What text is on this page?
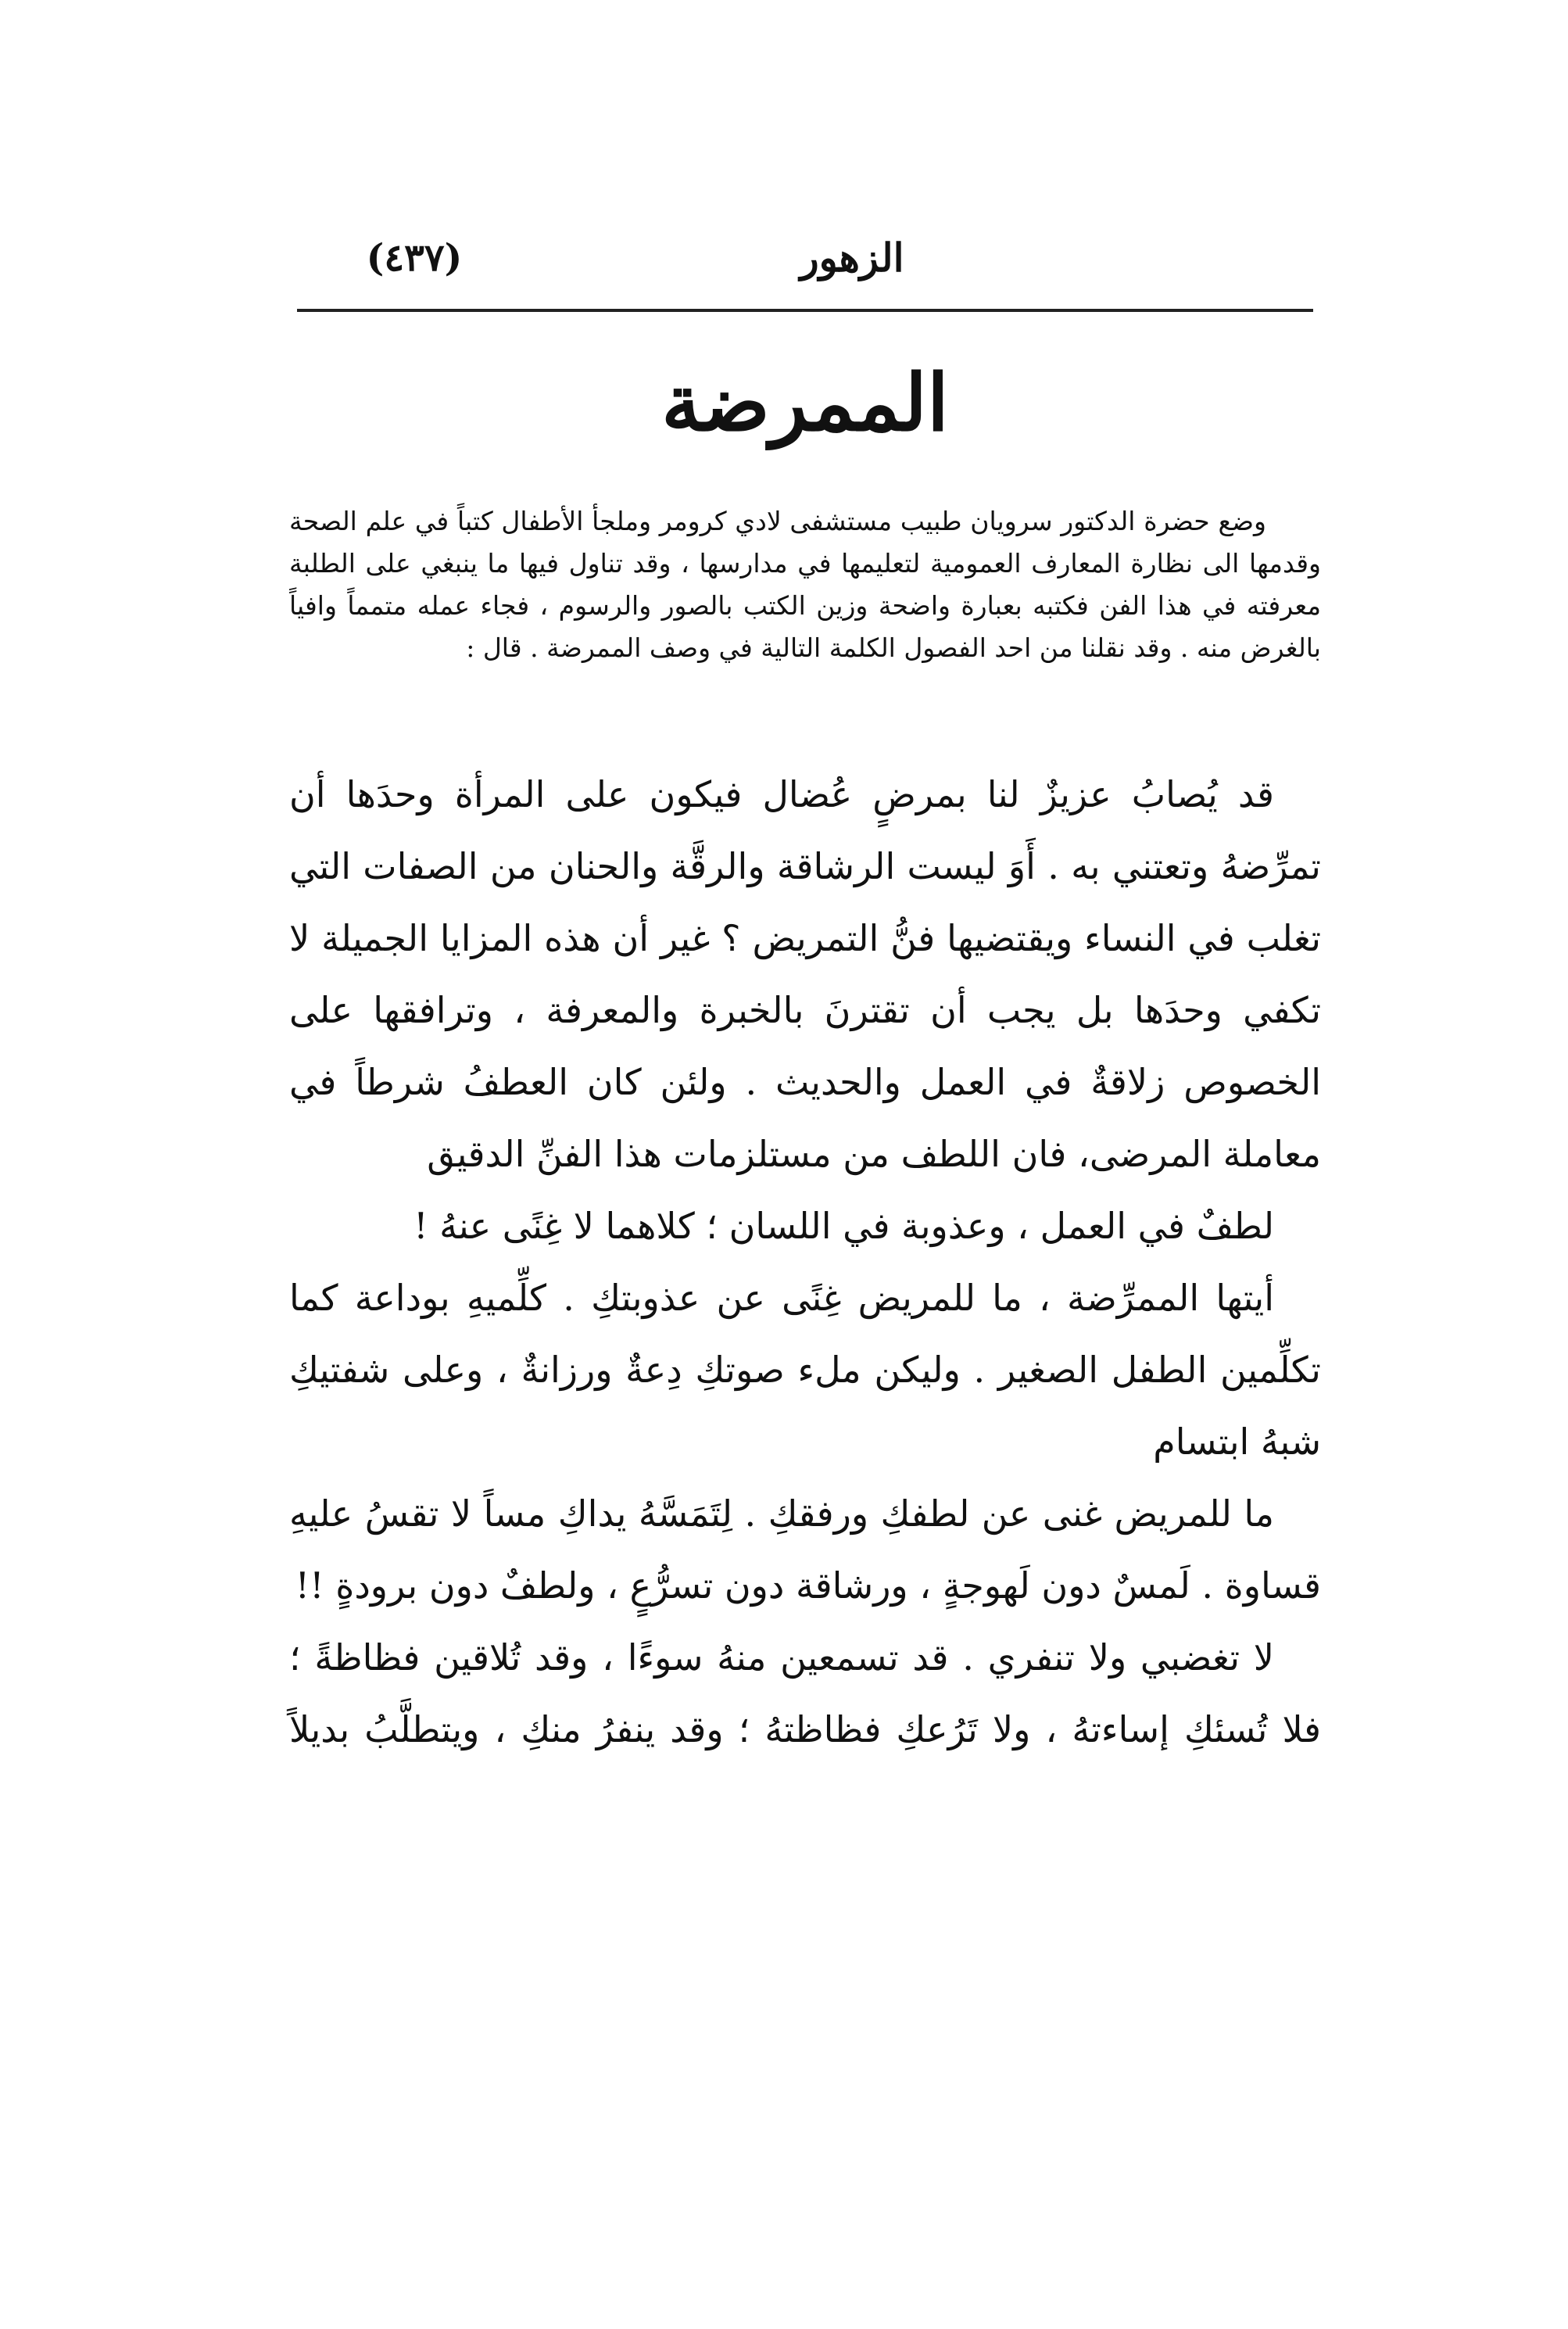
الزهور
(٤٣٧)
الممرضة

وضع حضرة الدكتور سرويان طبيب مستشفى لادي كرومر وملجأ الأطفال كتباً في علم الصحة وقدمها الى نظارة المعارف العمومية لتعليمها في مدارسها ، وقد تناول فيها ما ينبغي على الطلبة معرفته في هذا الفن فكتبه بعبارة واضحة وزين الكتب بالصور والرسوم ، فجاء عمله متمماً وافياً بالغرض منه . وقد نقلنا من احد الفصول الكلمة التالية في وصف الممرضة . قال :

قد يُصابُ عزيزٌ لنا بمرضٍ عُضال فيكون على المرأة وحدَها أن تمرِّضهُ وتعتني به . أَوَ ليست الرشاقة والرقَّة والحنان من الصفات التي تغلب في النساء ويقتضيها فنُّ التمريض ؟ غير أن هذه المزايا الجميلة لا تكفي وحدَها بل يجب أن تقترنَ بالخبرة والمعرفة ، وترافقها على الخصوص زلاقةٌ في العمل والحديث . ولئن كان العطفُ شرطاً في معاملة المرضى، فان اللطف من مستلزمات هذا الفنِّ الدقيق

لطفٌ في العمل ، وعذوبة في اللسان ؛ كلاهما لا غِنًى عنهُ !

أيتها الممرِّضة ، ما للمريض غِنًى عن عذوبتكِ . كلِّميهِ بوداعة كما تكلِّمين الطفل الصغير . وليكن ملء صوتكِ دِعةٌ ورزانةٌ ، وعلى شفتيكِ شبهُ ابتسام

ما للمريض غنى عن لطفكِ ورفقكِ . لِتَمَسَّهُ يداكِ مساً لا تقسُ عليهِ قساوة . لَمسٌ دون لَهوجةٍ ، ورشاقة دون تسرُّعٍ ، ولطفٌ دون برودةٍ !!

لا تغضبي ولا تنفري . قد تسمعين منهُ سوءًا ، وقد تُلاقين فظاظةً ؛ فلا تُسئكِ إساءتهُ ، ولا تَرُعكِ فظاظتهُ ؛ وقد ينفرُ منكِ ، ويتطلَّبُ بديلاً
